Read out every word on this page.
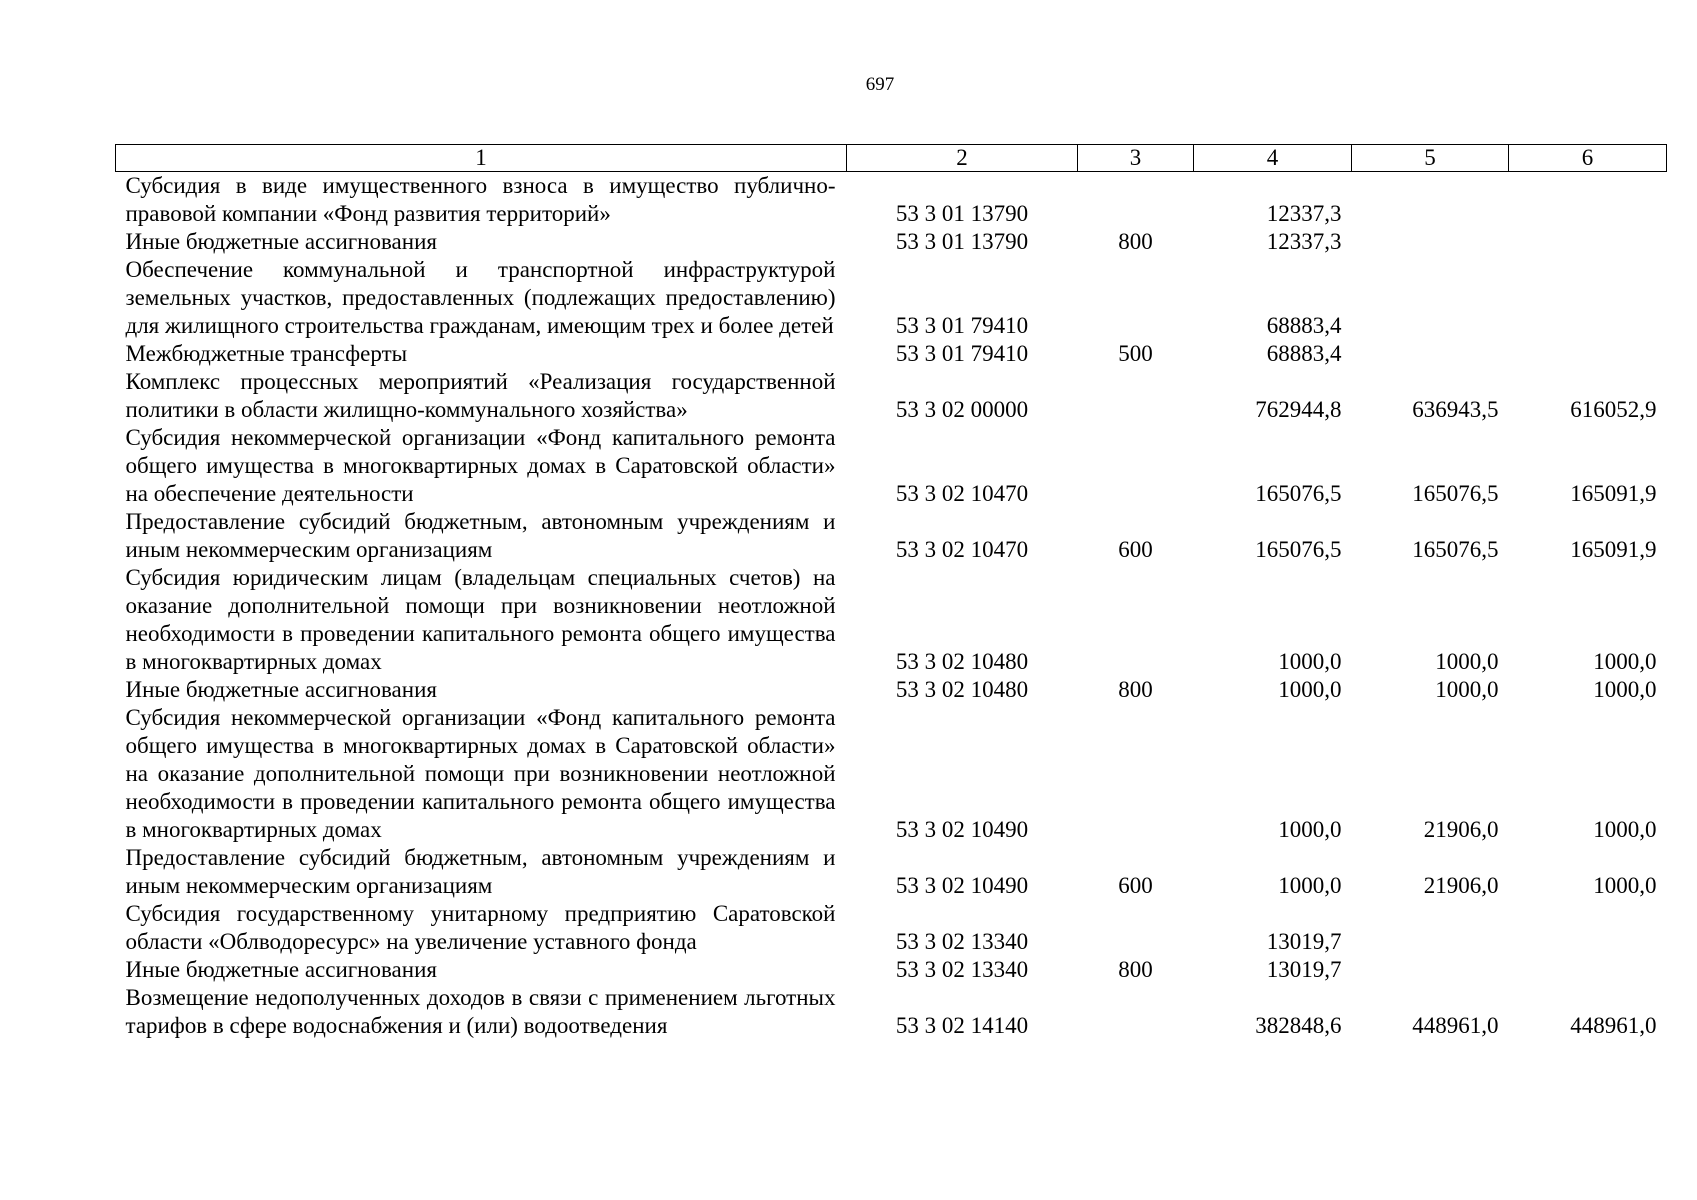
697
1	2	3	4	5	6
Субсидия в виде имущественного взноса в имущество публично-правовой компании «Фонд развития территорий»	53 3 01 13790		12337,3		
Иные бюджетные ассигнования	53 3 01 13790	800	12337,3		
Обеспечение коммунальной и транспортной инфраструктурой земельных участков, предоставленных (подлежащих предоставлению) для жилищного строительства гражданам, имеющим трех и более детей	53 3 01 79410		68883,4		
Межбюджетные трансферты	53 3 01 79410	500	68883,4		
Комплекс процессных мероприятий «Реализация государственной политики в области жилищно-коммунального хозяйства»	53 3 02 00000		762944,8	636943,5	616052,9
Субсидия некоммерческой организации «Фонд капитального ремонта общего имущества в многоквартирных домах в Саратовской области» на обеспечение деятельности	53 3 02 10470		165076,5	165076,5	165091,9
Предоставление субсидий бюджетным, автономным учреждениям и иным некоммерческим организациям	53 3 02 10470	600	165076,5	165076,5	165091,9
Субсидия юридическим лицам (владельцам специальных счетов) на оказание дополнительной помощи при возникновении неотложной необходимости в проведении капитального ремонта общего имущества в многоквартирных домах	53 3 02 10480		1000,0	1000,0	1000,0
Иные бюджетные ассигнования	53 3 02 10480	800	1000,0	1000,0	1000,0
Субсидия некоммерческой организации «Фонд капитального ремонта общего имущества в многоквартирных домах в Саратовской области» на оказание дополнительной помощи при возникновении неотложной необходимости в проведении капитального ремонта общего имущества в многоквартирных домах	53 3 02 10490		1000,0	21906,0	1000,0
Предоставление субсидий бюджетным, автономным учреждениям и иным некоммерческим организациям	53 3 02 10490	600	1000,0	21906,0	1000,0
Субсидия государственному унитарному предприятию Саратовской области «Облводоресурс» на увеличение уставного фонда	53 3 02 13340		13019,7		
Иные бюджетные ассигнования	53 3 02 13340	800	13019,7		
Возмещение недополученных доходов в связи с применением льготных тарифов в сфере водоснабжения и (или) водоотведения	53 3 02 14140		382848,6	448961,0	448961,0
